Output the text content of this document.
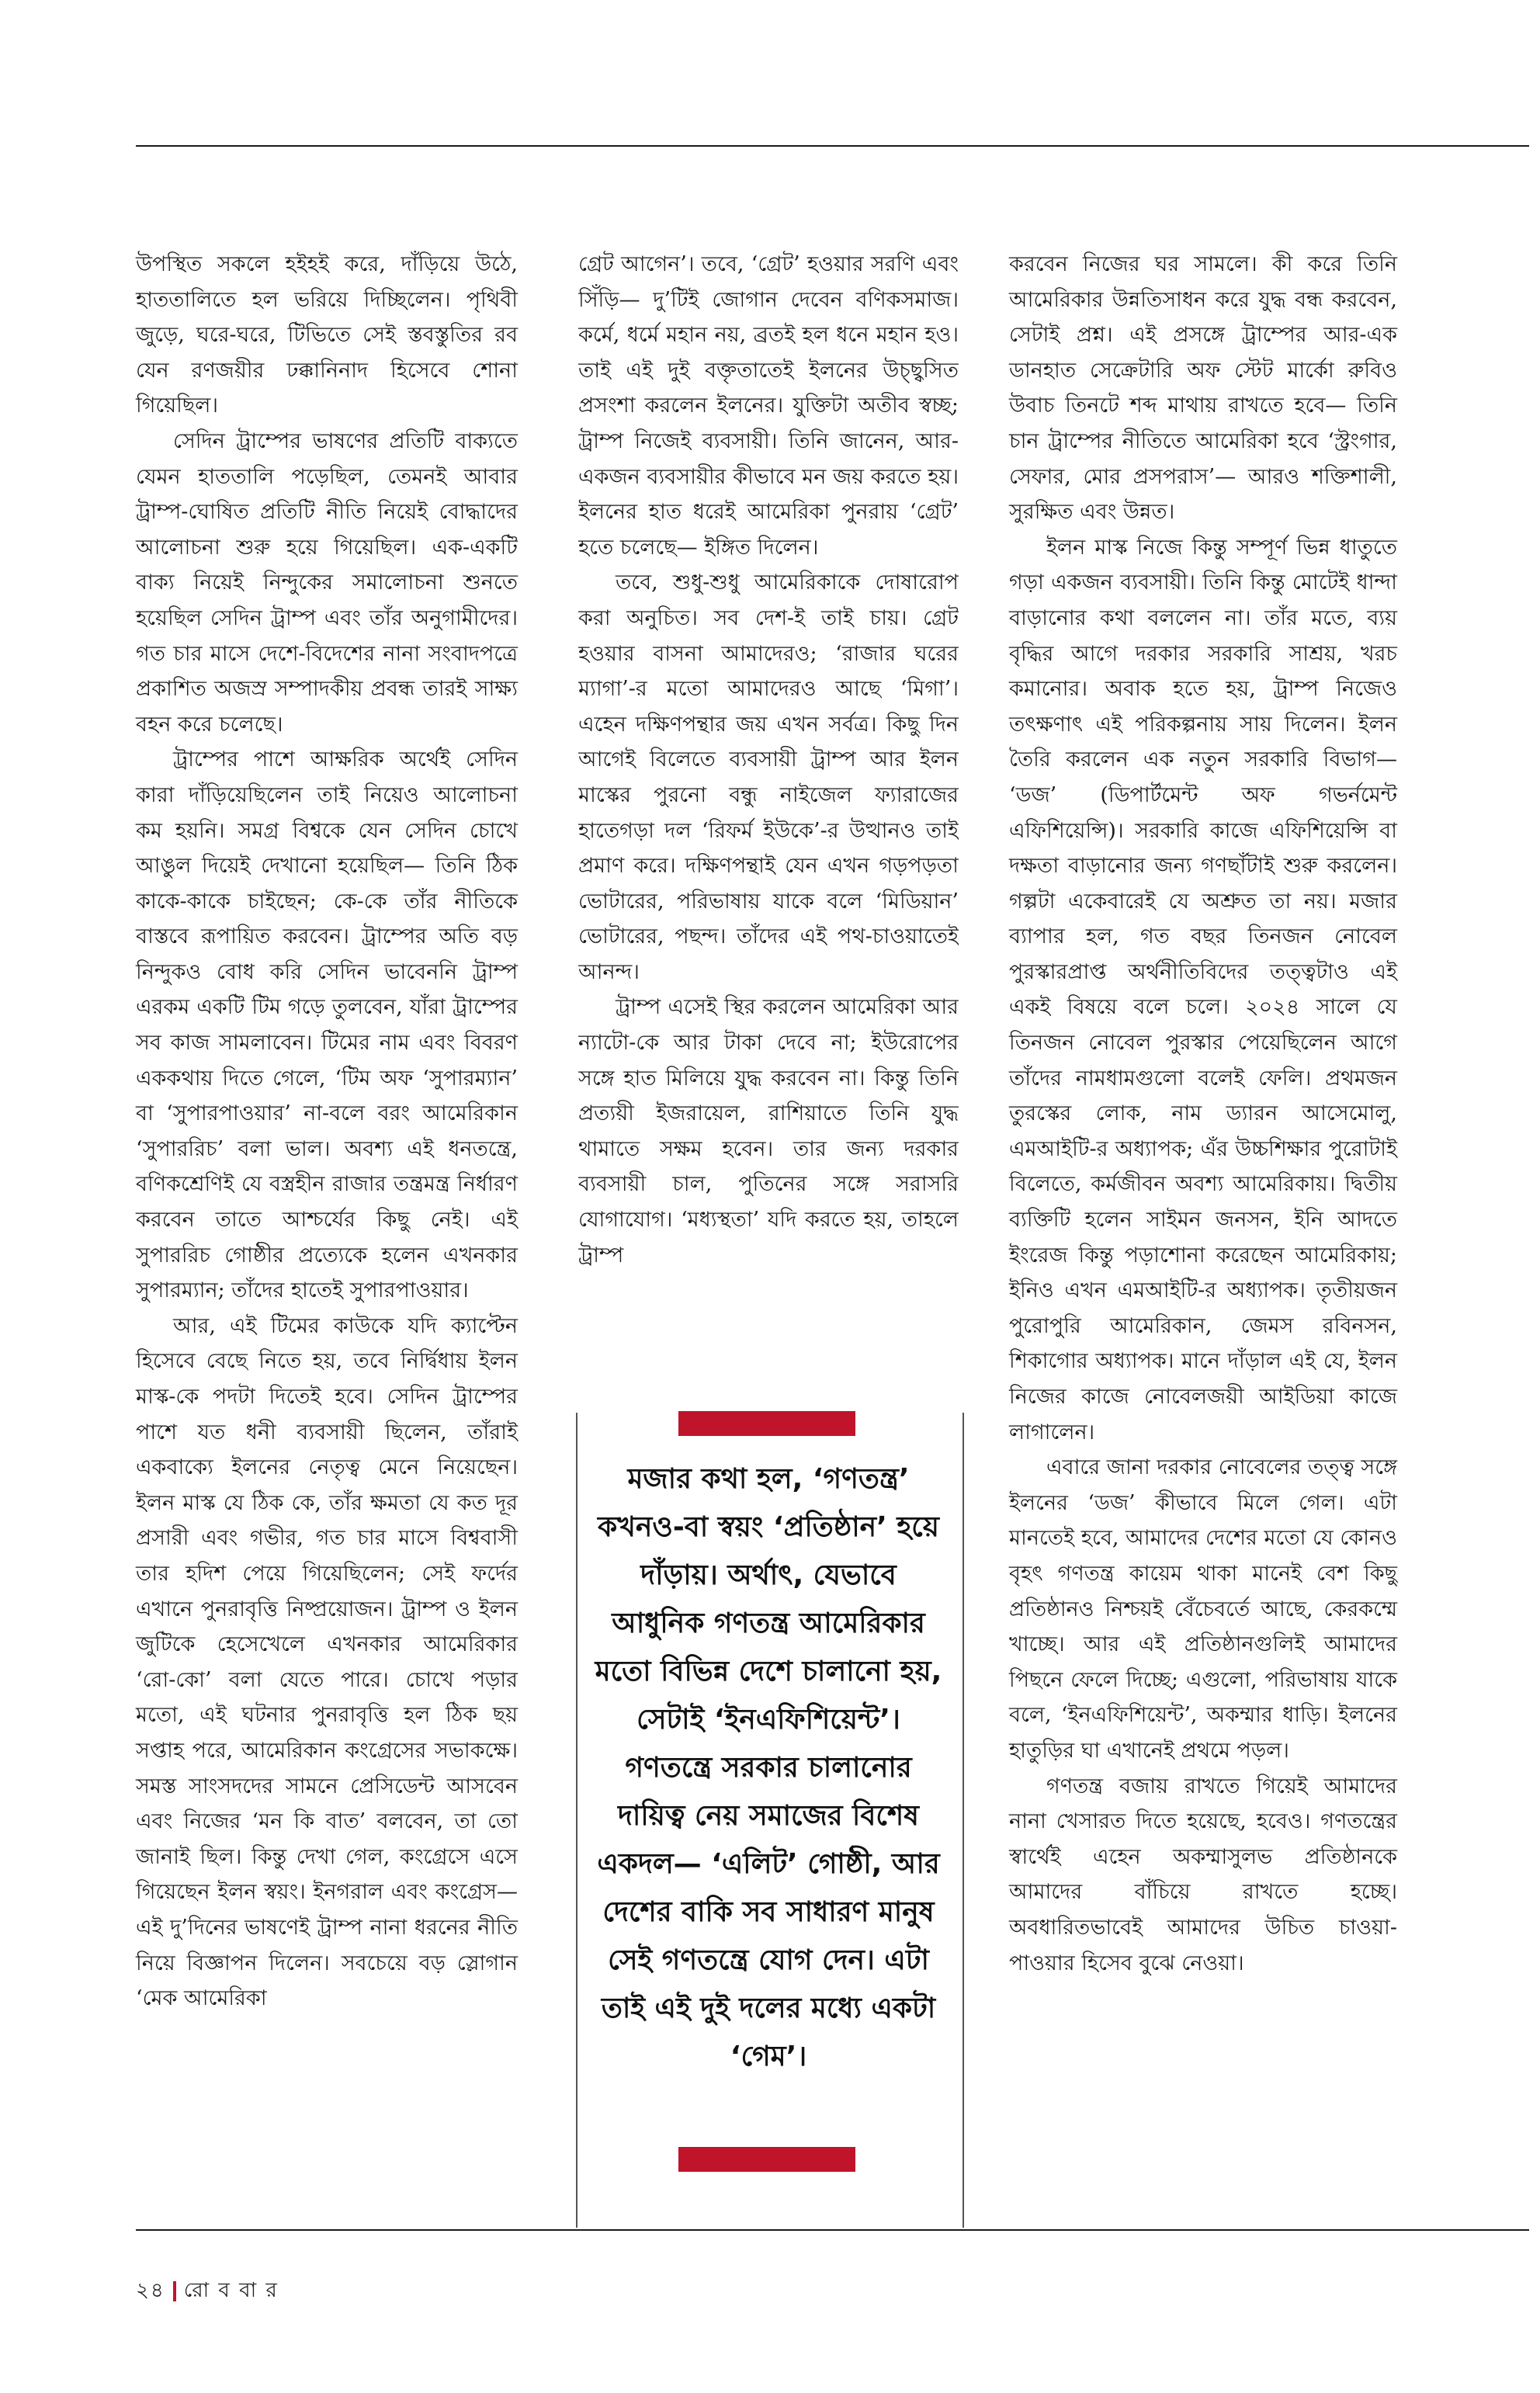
উপস্থিত সকলে হইহই করে, দাঁড়িয়ে উঠে, হাততালিতে হল ভরিয়ে দিচ্ছিলেন। পৃথিবী জুড়ে, ঘরে-ঘরে, টিভিতে সেই স্তবস্তুতির রব যেন রণজয়ীর ঢক্কানিনাদ হিসেবে শোনা গিয়েছিল।

সেদিন ট্রাম্পের ভাষণের প্রতিটি বাক্যতে যেমন হাততালি পড়েছিল, তেমনই আবার ট্রাম্প-ঘোষিত প্রতিটি নীতি নিয়েই বোদ্ধাদের আলোচনা শুরু হয়ে গিয়েছিল। এক-একটি বাক্য নিয়েই নিন্দুকের সমালোচনা শুনতে হয়েছিল সেদিন ট্রাম্প এবং তাঁর অনুগামীদের। গত চার মাসে দেশে-বিদেশের নানা সংবাদপত্রে প্রকাশিত অজস্র সম্পাদকীয় প্রবন্ধ তারই সাক্ষ্য বহন করে চলেছে।

ট্রাম্পের পাশে আক্ষরিক অর্থেই সেদিন কারা দাঁড়িয়েছিলেন তাই নিয়েও আলোচনা কম হয়নি। সমগ্র বিশ্বকে যেন সেদিন চোখে আঙুল দিয়েই দেখানো হয়েছিল— তিনি ঠিক কাকে-কাকে চাইছেন; কে-কে তাঁর নীতিকে বাস্তবে রূপায়িত করবেন। ট্রাম্পের অতি বড় নিন্দুকও বোধ করি সেদিন ভাবেননি ট্রাম্প এরকম একটি টিম গড়ে তুলবেন, যাঁরা ট্রাম্পের সব কাজ সামলাবেন। টিমের নাম এবং বিবরণ এককথায় দিতে গেলে, ‘টিম অফ ‘সুপারম্যান’ বা ‘সুপারপাওয়ার’ না-বলে বরং আমেরিকান ‘সুপাররিচ’ বলা ভাল। অবশ্য এই ধনতন্ত্রে, বণিকশ্রেণিই যে বস্ত্রহীন রাজার তন্ত্রমন্ত্র নির্ধারণ করবেন তাতে আশ্চর্যের কিছু নেই। এই সুপাররিচ গোষ্ঠীর প্রত্যেকে হলেন এখনকার সুপারম্যান; তাঁদের হাতেই সুপারপাওয়ার।

আর, এই টিমের কাউকে যদি ক্যাপ্টেন হিসেবে বেছে নিতে হয়, তবে নির্দ্বিধায় ইলন মাস্ক-কে পদটা দিতেই হবে। সেদিন ট্রাম্পের পাশে যত ধনী ব্যবসায়ী ছিলেন, তাঁরাই একবাক্যে ইলনের নেতৃত্ব মেনে নিয়েছেন। ইলন মাস্ক যে ঠিক কে, তাঁর ক্ষমতা যে কত দূর প্রসারী এবং গভীর, গত চার মাসে বিশ্ববাসী তার হদিশ পেয়ে গিয়েছিলেন; সেই ফর্দের এখানে পুনরাবৃত্তি নিষ্প্রয়োজন। ট্রাম্প ও ইলন জুটিকে হেসেখেলে এখনকার আমেরিকার ‘রো-কো’ বলা যেতে পারে। চোখে পড়ার মতো, এই ঘটনার পুনরাবৃত্তি হল ঠিক ছয় সপ্তাহ পরে, আমেরিকান কংগ্রেসের সভাকক্ষে। সমস্ত সাংসদদের সামনে প্রেসিডেন্ট আসবেন এবং নিজের ‘মন কি বাত’ বলবেন, তা তো জানাই ছিল। কিন্তু দেখা গেল, কংগ্রেসে এসে গিয়েছেন ইলন স্বয়ং। ইনগরাল এবং কংগ্রেস— এই দু’দিনের ভাষণেই ট্রাম্প নানা ধরনের নীতি নিয়ে বিজ্ঞাপন দিলেন। সবচেয়ে বড় স্লোগান ‘মেক আমেরিকা

গ্রেট আগেন’। তবে, ‘গ্রেট’ হওয়ার সরণি এবং সিঁড়ি— দু’টিই জোগান দেবেন বণিকসমাজ। কর্মে, ধর্মে মহান নয়, ব্রতই হল ধনে মহান হও। তাই এই দুই বক্তৃতাতেই ইলনের উচ্ছ্বসিত প্রসংশা করলেন ইলনের। যুক্তিটা অতীব স্বচ্ছ; ট্রাম্প নিজেই ব্যবসায়ী। তিনি জানেন, আর-একজন ব্যবসায়ীর কীভাবে মন জয় করতে হয়। ইলনের হাত ধরেই আমেরিকা পুনরায় ‘গ্রেট’ হতে চলেছে— ইঙ্গিত দিলেন।

তবে, শুধু-শুধু আমেরিকাকে দোষারোপ করা অনুচিত। সব দেশ-ই তাই চায়। গ্রেট হওয়ার বাসনা আমাদেরও; ‘রাজার ঘরের ম্যাগা’-র মতো আমাদেরও আছে ‘মিগা’। এহেন দক্ষিণপন্থার জয় এখন সর্বত্র। কিছু দিন আগেই বিলেতে ব্যবসায়ী ট্রাম্প আর ইলন মাস্কের পুরনো বন্ধু নাইজেল ফ্যারাজের হাতেগড়া দল ‘রিফর্ম ইউকে’-র উত্থানও তাই প্রমাণ করে। দক্ষিণপন্থাই যেন এখন গড়পড়তা ভোটারের, পরিভাষায় যাকে বলে ‘মিডিয়ান’ ভোটারের, পছন্দ। তাঁদের এই পথ-চাওয়াতেই আনন্দ।

ট্রাম্প এসেই স্থির করলেন আমেরিকা আর ন্যাটো-কে আর টাকা দেবে না; ইউরোপের সঙ্গে হাত মিলিয়ে যুদ্ধ করবেন না। কিন্তু তিনি প্রত্যয়ী ইজরায়েল, রাশিয়াতে তিনি যুদ্ধ থামাতে সক্ষম হবেন। তার জন্য দরকার ব্যবসায়ী চাল, পুতিনের সঙ্গে সরাসরি যোগাযোগ। ‘মধ্যস্থতা’ যদি করতে হয়, তাহলে ট্রাম্প

মজার কথা হল, ‘গণতন্ত্র’ কখনও-বা স্বয়ং ‘প্রতিষ্ঠান’ হয়ে দাঁড়ায়। অর্থাৎ, যেভাবে আধুনিক গণতন্ত্র আমেরিকার মতো বিভিন্ন দেশে চালানো হয়, সেটাই ‘ইনএফিশিয়েন্ট’। গণতন্ত্রে সরকার চালানোর দায়িত্ব নেয় সমাজের বিশেষ একদল— ‘এলিট’ গোষ্ঠী, আর দেশের বাকি সব সাধারণ মানুষ সেই গণতন্ত্রে যোগ দেন। এটা তাই এই দুই দলের মধ্যে একটা ‘গেম’।

করবেন নিজের ঘর সামলে। কী করে তিনি আমেরিকার উন্নতিসাধন করে যুদ্ধ বন্ধ করবেন, সেটাই প্রশ্ন। এই প্রসঙ্গে ট্রাম্পের আর-এক ডানহাত সেক্রেটারি অফ স্টেট মার্কো রুবিও উবাচ তিনটে শব্দ মাথায় রাখতে হবে— তিনি চান ট্রাম্পের নীতিতে আমেরিকা হবে ‘স্ট্রংগার, সেফার, মোর প্রসপরাস’— আরও শক্তিশালী, সুরক্ষিত এবং উন্নত।

ইলন মাস্ক নিজে কিন্তু সম্পূর্ণ ভিন্ন ধাতুতে গড়া একজন ব্যবসায়ী। তিনি কিন্তু মোটেই ধান্দা বাড়ানোর কথা বললেন না। তাঁর মতে, ব্যয় বৃদ্ধির আগে দরকার সরকারি সাশ্রয়, খরচ কমানোর। অবাক হতে হয়, ট্রাম্প নিজেও তৎক্ষণাৎ এই পরিকল্পনায় সায় দিলেন। ইলন তৈরি করলেন এক নতুন সরকারি বিভাগ— ‘ডজ’ (ডিপার্টমেন্ট অফ গভর্নমেন্ট এফিশিয়েন্সি)। সরকারি কাজে এফিশিয়েন্সি বা দক্ষতা বাড়ানোর জন্য গণছাঁটাই শুরু করলেন। গল্পটা একেবারেই যে অশ্রুত তা নয়। মজার ব্যাপার হল, গত বছর তিনজন নোবেল পুরস্কারপ্রাপ্ত অর্থনীতিবিদের তত্ত্বটাও এই একই বিষয়ে বলে চলে। ২০২৪ সালে যে তিনজন নোবেল পুরস্কার পেয়েছিলেন আগে তাঁদের নামধামগুলো বলেই ফেলি। প্রথমজন তুরস্কের লোক, নাম ড্যারন আসেমোলু, এমআইটি-র অধ্যাপক; এঁর উচ্চশিক্ষার পুরোটাই বিলেতে, কর্মজীবন অবশ্য আমেরিকায়। দ্বিতীয় ব্যক্তিটি হলেন সাইমন জনসন, ইনি আদতে ইংরেজ কিন্তু পড়াশোনা করেছেন আমেরিকায়; ইনিও এখন এমআইটি-র অধ্যাপক। তৃতীয়জন পুরোপুরি আমেরিকান, জেমস রবিনসন, শিকাগোর অধ্যাপক। মানে দাঁড়াল এই যে, ইলন নিজের কাজে নোবেলজয়ী আইডিয়া কাজে লাগালেন।

এবারে জানা দরকার নোবেলের তত্ত্ব সঙ্গে ইলনের ‘ডজ’ কীভাবে মিলে গেল। এটা মানতেই হবে, আমাদের দেশের মতো যে কোনও বৃহৎ গণতন্ত্র কায়েম থাকা মানেই বেশ কিছু প্রতিষ্ঠানও নিশ্চয়ই বেঁচেবর্তে আছে, কেরকম্মে খাচ্ছে। আর এই প্রতিষ্ঠানগুলিই আমাদের পিছনে ফেলে দিচ্ছে; এগুলো, পরিভাষায় যাকে বলে, ‘ইনএফিশিয়েন্ট’, অকম্মার ধাড়ি। ইলনের হাতুড়ির ঘা এখানেই প্রথমে পড়ল।

গণতন্ত্র বজায় রাখতে গিয়েই আমাদের নানা খেসারত দিতে হয়েছে, হবেও। গণতন্ত্রের স্বার্থেই এহেন অকম্মাসুলভ প্রতিষ্ঠানকে আমাদের বাঁচিয়ে রাখতে হচ্ছে। অবধারিতভাবেই আমাদের উচিত চাওয়া-পাওয়ার হিসেব বুঝে নেওয়া।

২৪ রো ব বা র
